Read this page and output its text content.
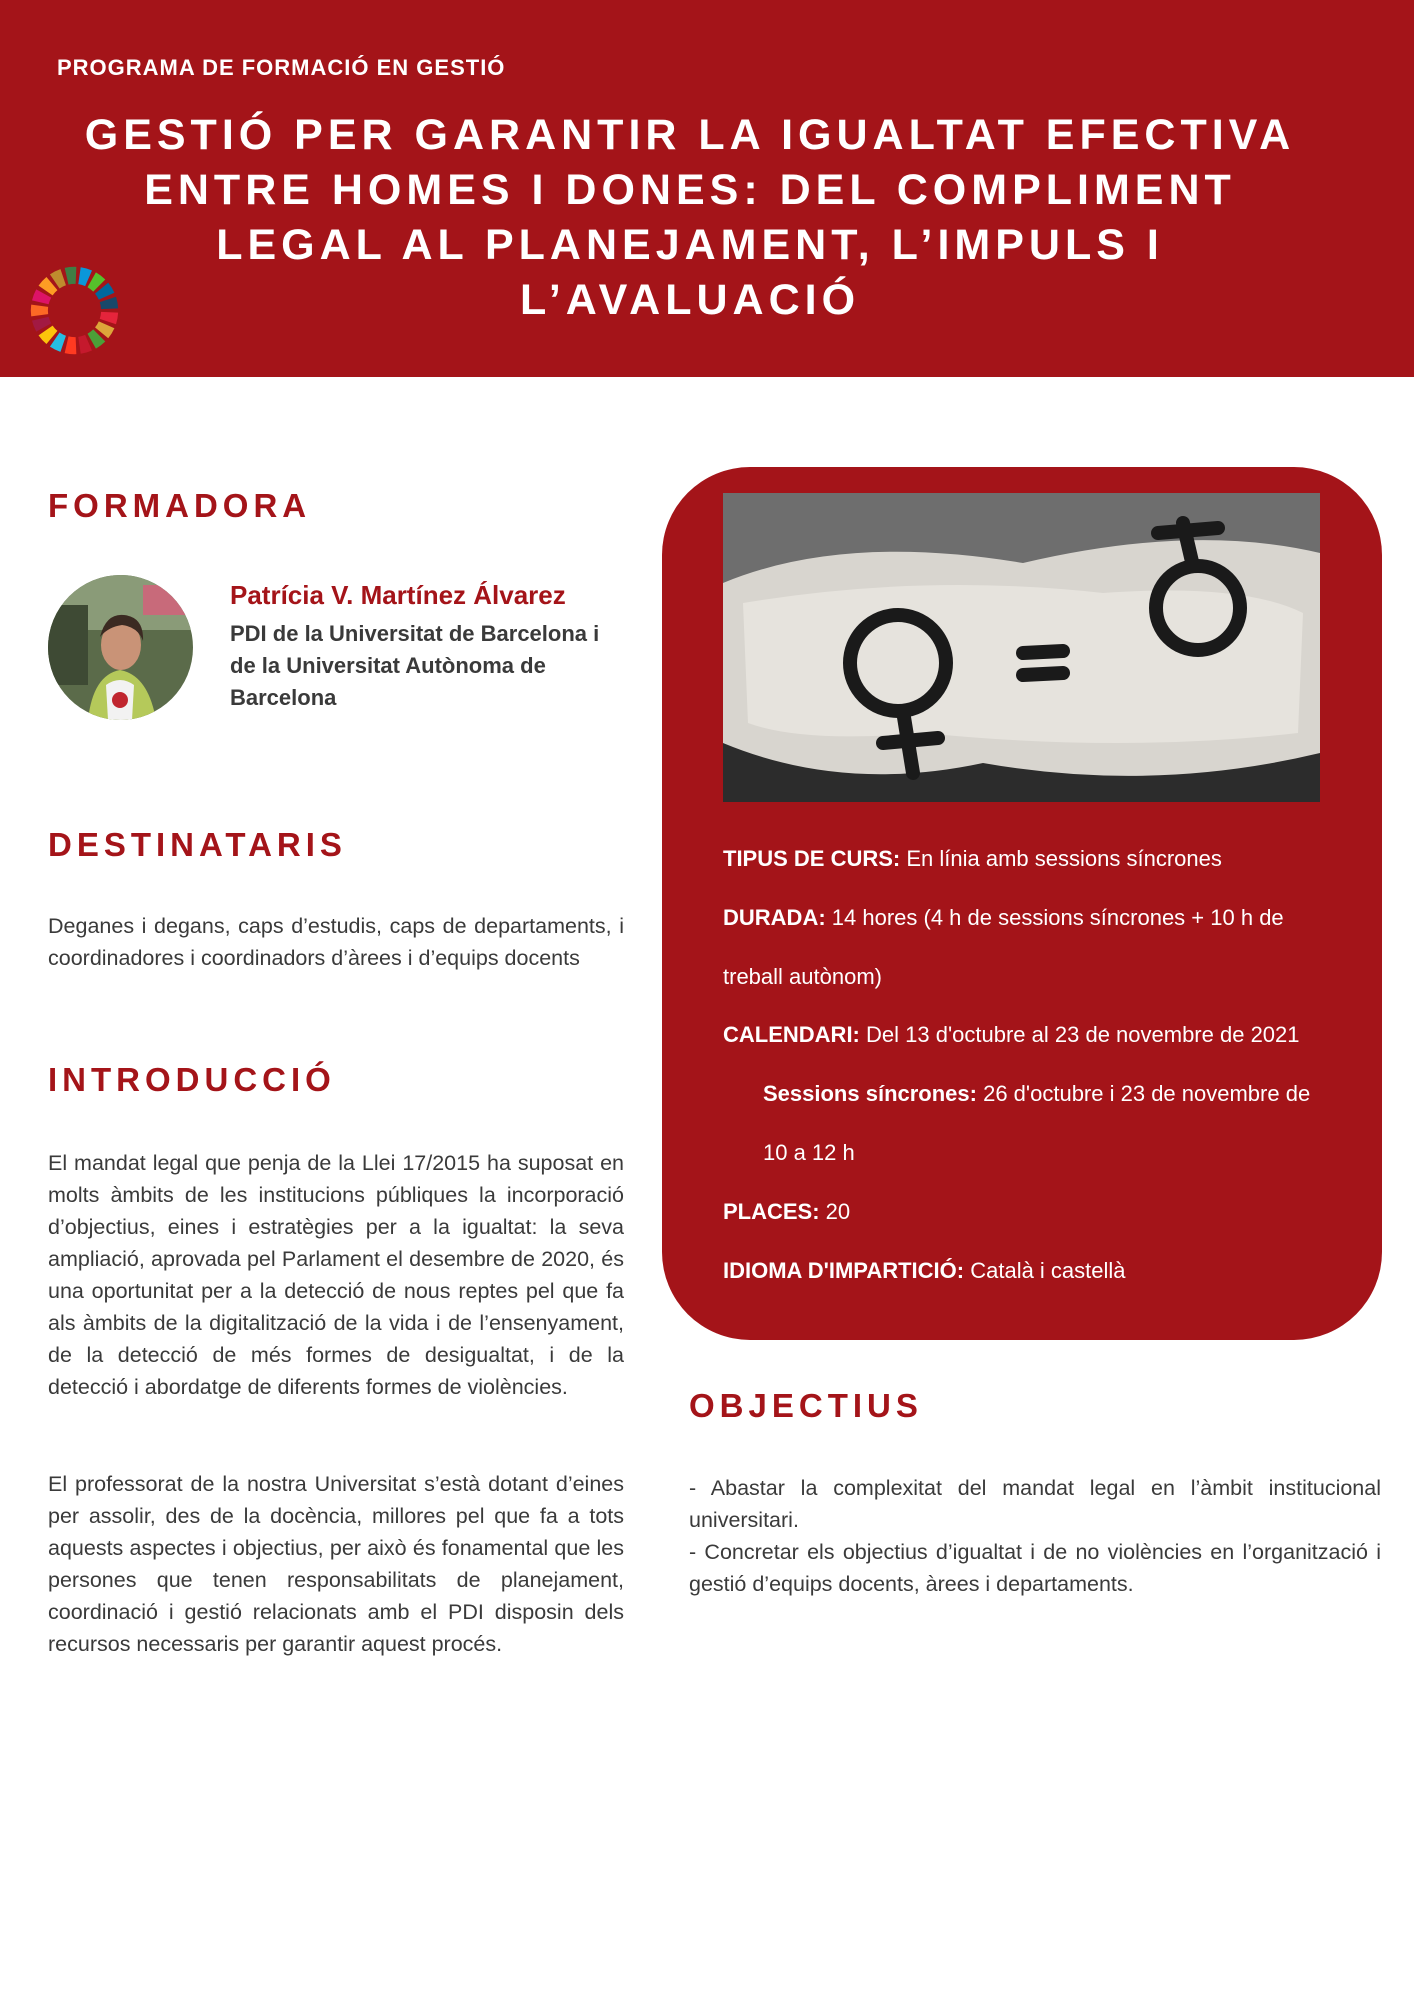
PROGRAMA DE FORMACIÓ EN GESTIÓ
GESTIÓ PER GARANTIR LA IGUALTAT EFECTIVA
ENTRE HOMES I DONES: DEL COMPLIMENT
LEGAL AL PLANEJAMENT, L’IMPULS I
L’AVALUACIÓ
FORMADORA
Patrícia V. Martínez Álvarez
PDI de la Universitat de Barcelona i
de la Universitat Autònoma de
Barcelona
DESTINATARIS
Deganes i degans, caps d’estudis, caps de departaments, i coordinadores i coordinadors d’àrees i d’equips docents
INTRODUCCIÓ
El mandat legal que penja de la Llei 17/2015 ha suposat en molts àmbits de les institucions públiques la incorporació d’objectius, eines i estratègies per a la igualtat: la seva ampliació, aprovada pel Parlament el desembre de 2020, és una oportunitat per a la detecció de nous reptes pel que fa als àmbits de la digitalització de la vida i de l’ensenyament, de la detecció de més formes de desigualtat, i de la detecció i abordatge de diferents formes de violències.
El professorat de la nostra Universitat s’està dotant d’eines per assolir, des de la docència, millores pel que fa a tots aquests aspectes i objectius, per això és fonamental que les persones que tenen responsabilitats de planejament, coordinació i gestió relacionats amb el PDI disposin dels recursos necessaris per garantir aquest procés.
TIPUS DE CURS: En línia amb sessions síncrones
DURADA: 14 hores (4 h de sessions síncrones + 10 h de
treball autònom)
CALENDARI: Del 13 d'octubre al 23 de novembre de 2021
Sessions síncrones: 26 d'octubre i 23 de novembre de
10 a 12 h
PLACES: 20
IDIOMA D'IMPARTICIÓ: Català i castellà
OBJECTIUS
- Abastar la complexitat del mandat legal en l’àmbit institucional universitari.
- Concretar els objectius d’igualtat i de no violències en l’organització i gestió d’equips docents, àrees i departaments.
